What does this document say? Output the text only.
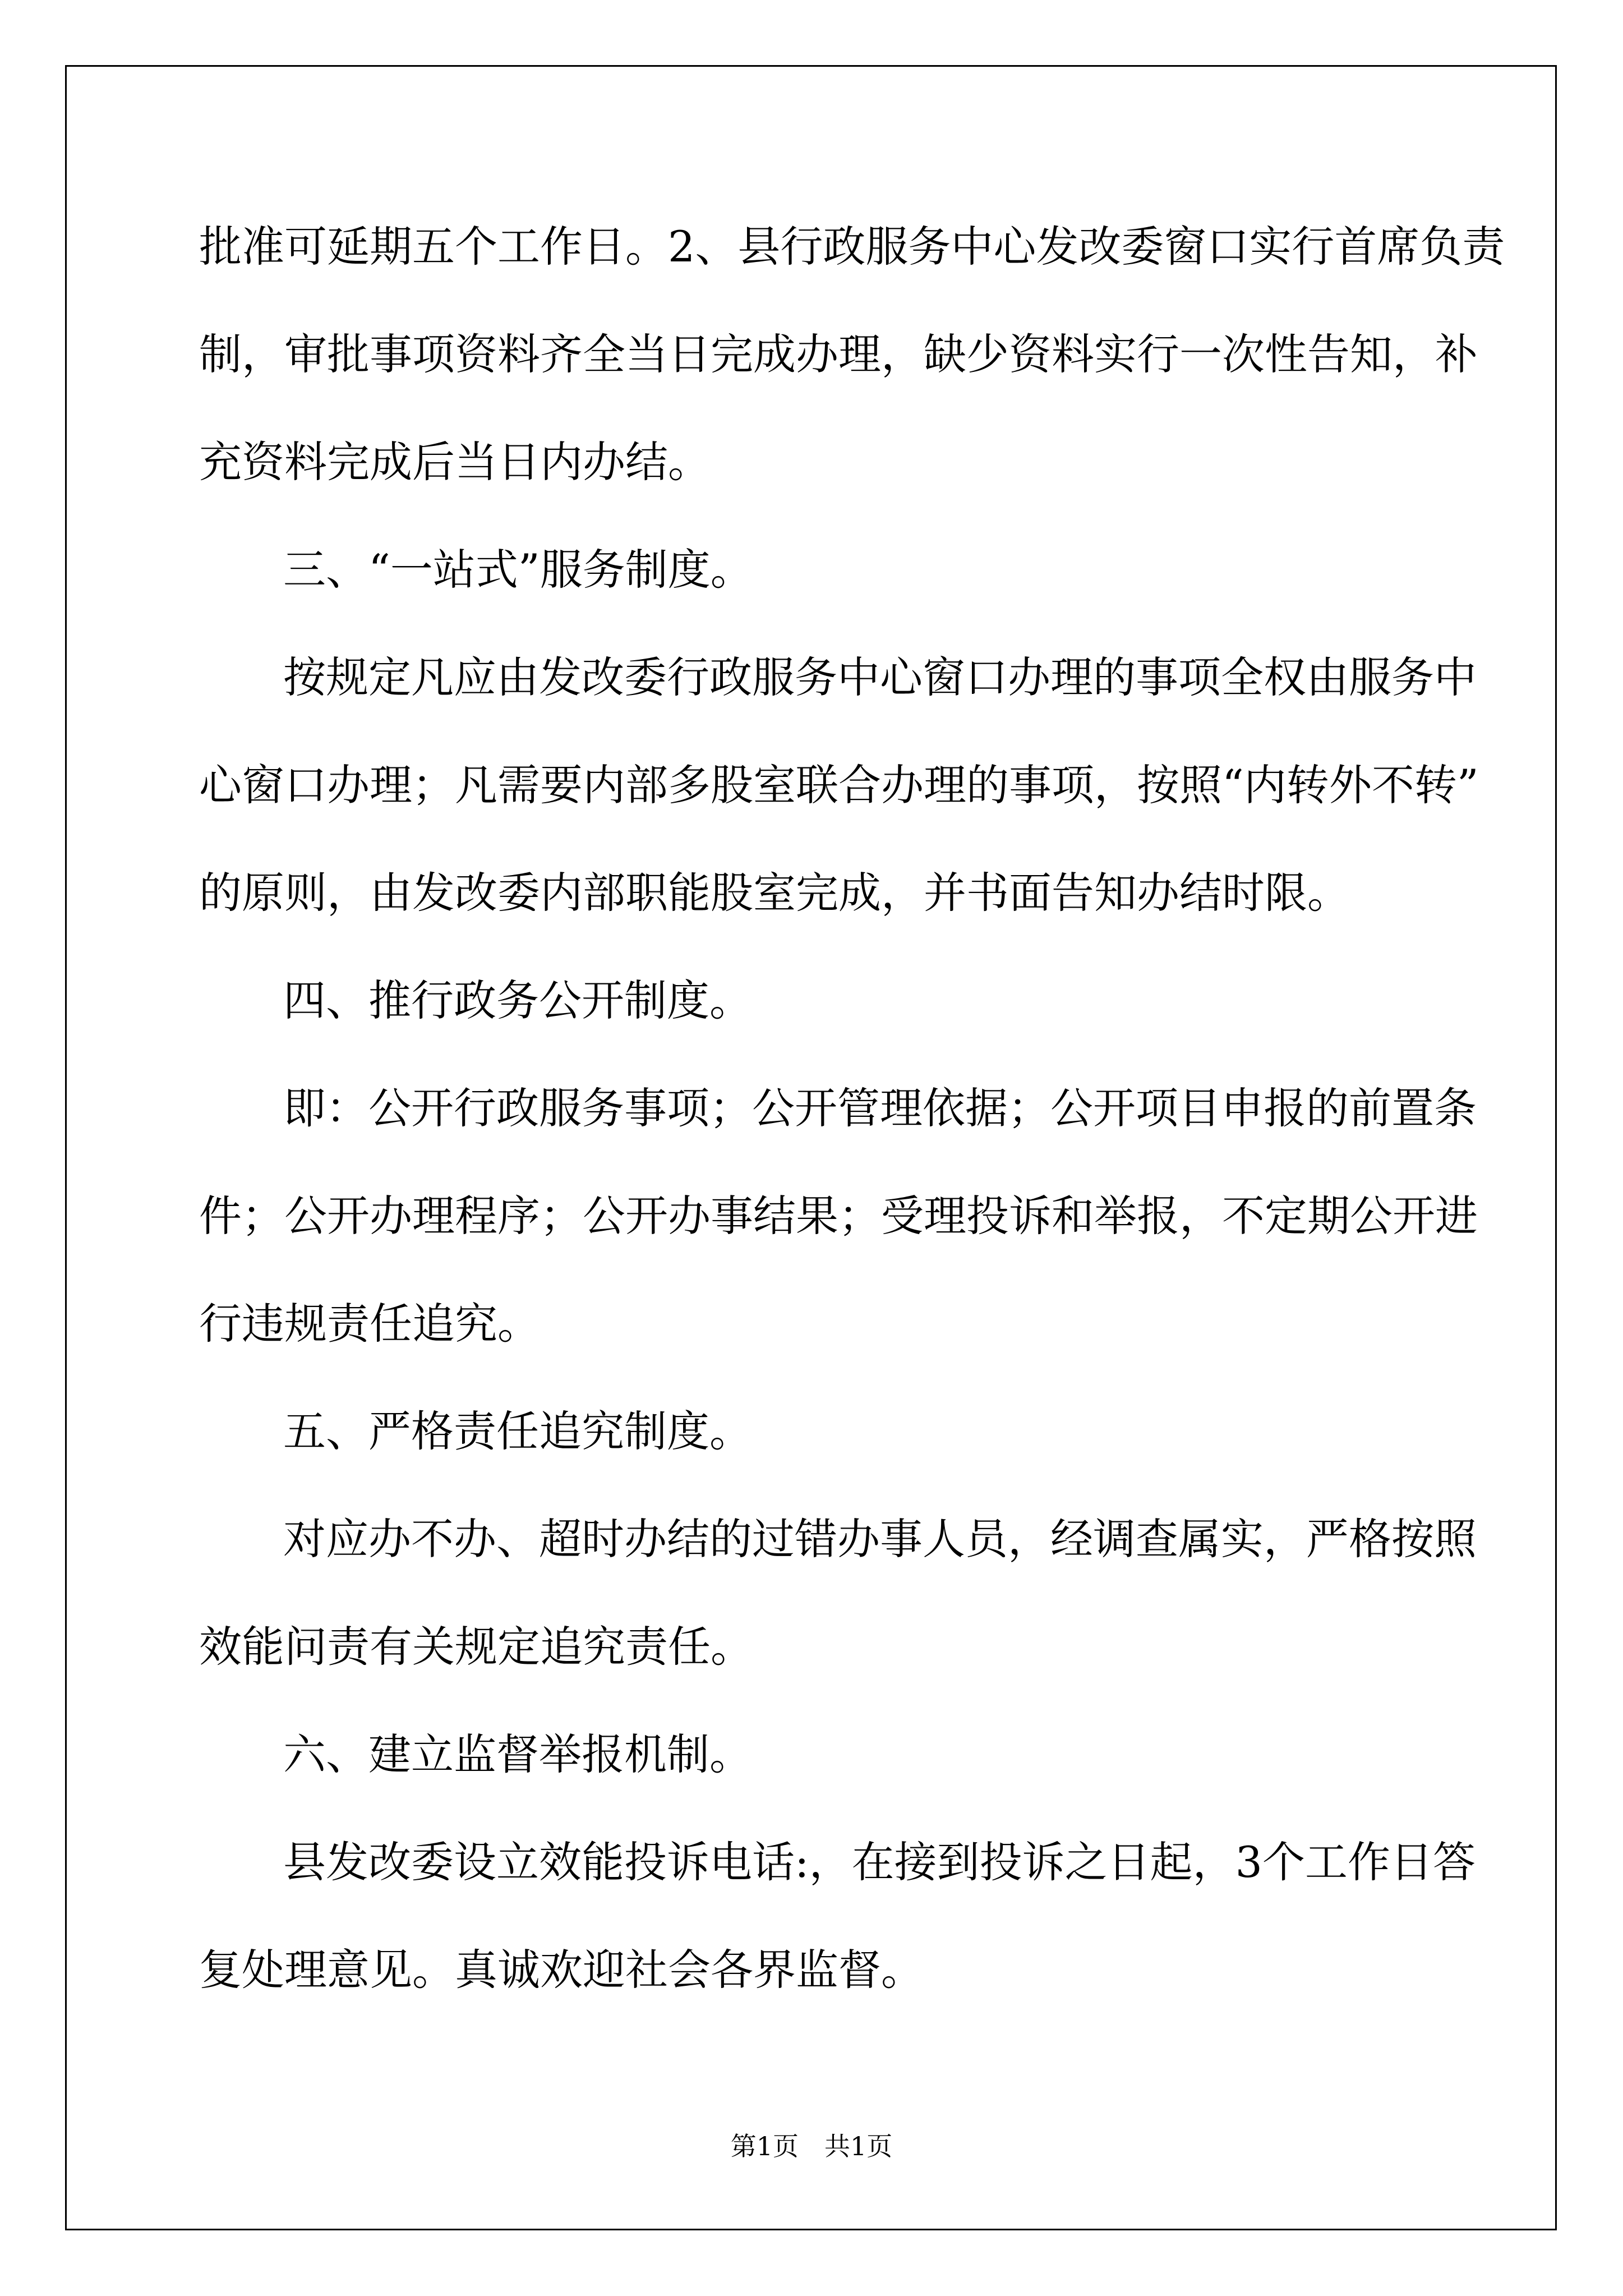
批准可延期五个工作日。2、县行政服务中心发改委窗口实行首席负责
制，审批事项资料齐全当日完成办理，缺少资料实行一次性告知，补
充资料完成后当日内办结。
三、“一站式”服务制度。
按规定凡应由发改委行政服务中心窗口办理的事项全权由服务中
心窗口办理；凡需要内部多股室联合办理的事项，按照“内转外不转”
的原则，由发改委内部职能股室完成，并书面告知办结时限。
四、推行政务公开制度。
即：公开行政服务事项；公开管理依据；公开项目申报的前置条
件；公开办理程序；公开办事结果；受理投诉和举报，不定期公开进
行违规责任追究。
五、严格责任追究制度。
对应办不办、超时办结的过错办事人员，经调查属实，严格按照
效能问责有关规定追究责任。
六、建立监督举报机制。
县发改委设立效能投诉电话:，在接到投诉之日起，3个工作日答
复处理意见。真诚欢迎社会各界监督。
第1页　共1页
